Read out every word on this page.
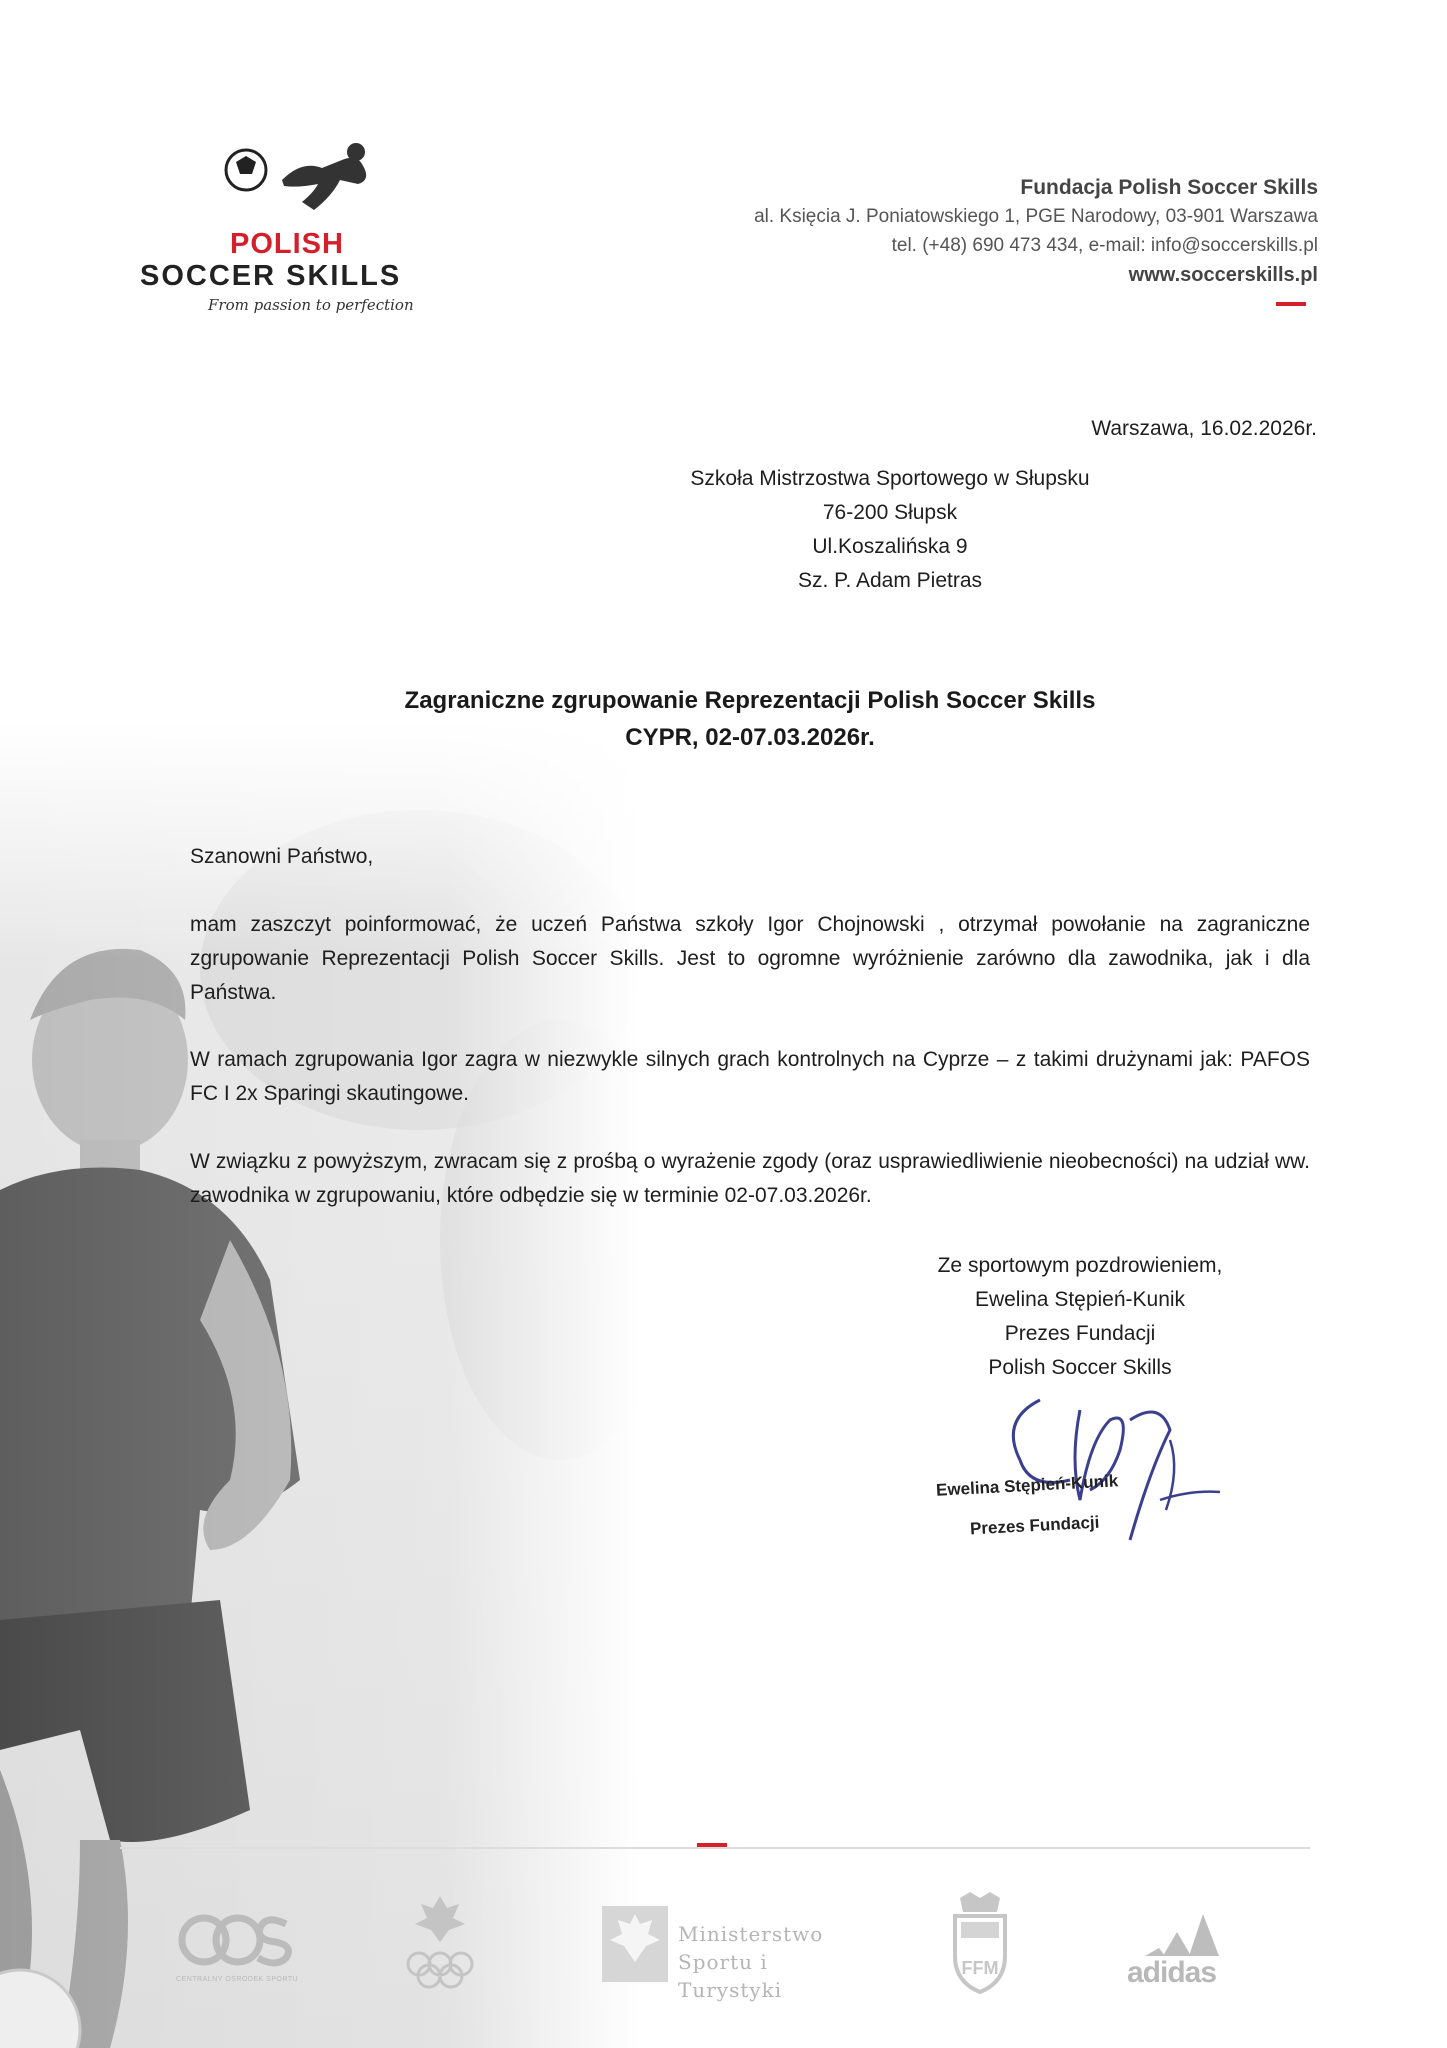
POLISH
SOCCER SKILLS
From passion to perfection
Fundacja Polish Soccer Skills
al. Księcia J. Poniatowskiego 1, PGE Narodowy, 03-901 Warszawa
tel. (+48) 690 473 434, e-mail: info@soccerskills.pl
www.soccerskills.pl
Warszawa, 16.02.2026r.
Szkoła Mistrzostwa Sportowego w Słupsku
76-200 Słupsk
Ul.Koszalińska 9
Sz. P. Adam Pietras
Zagraniczne zgrupowanie Reprezentacji Polish Soccer Skills
CYPR, 02-07.03.2026r.
Szanowni Państwo,
mam zaszczyt poinformować, że uczeń Państwa szkoły Igor Chojnowski , otrzymał powołanie na zagraniczne zgrupowanie Reprezentacji Polish Soccer Skills. Jest to ogromne wyróżnienie zarówno dla zawodnika, jak i dla Państwa.
W ramach zgrupowania Igor zagra w niezwykle silnych grach kontrolnych na Cyprze – z takimi drużynami jak: PAFOS FC I 2x Sparingi skautingowe.
W związku z powyższym, zwracam się z prośbą o wyrażenie zgody (oraz usprawiedliwienie nieobecności) na udział ww. zawodnika w zgrupowaniu, które odbędzie się w terminie 02-07.03.2026r.
Ze sportowym pozdrowieniem,
Ewelina Stępień-Kunik
Prezes Fundacji
Polish Soccer Skills
Ewelina Stępień-Kunik
Prezes Fundacji
CENTRALNY OŚRODEK SPORTU
Ministerstwo
Sportu i Turystyki
FFM	adidas
